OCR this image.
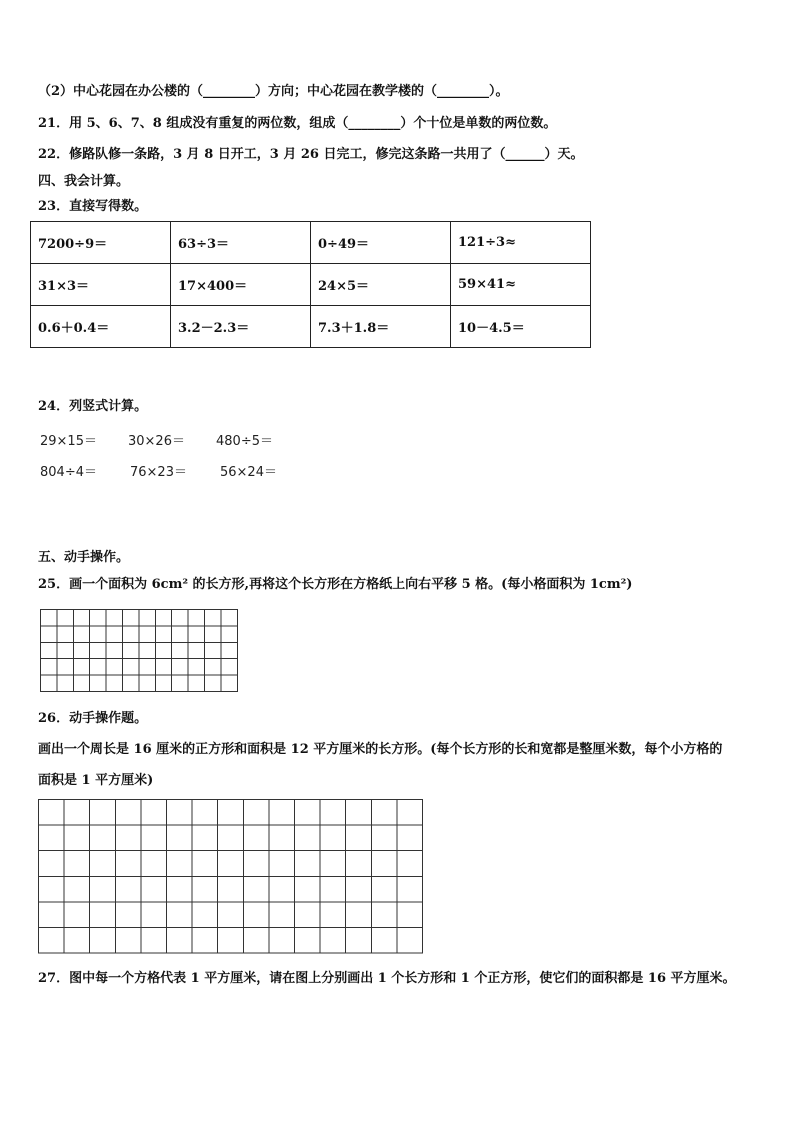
（2）中心花园在办公楼的（________）方向；中心花园在教学楼的（________）。
21．用 5、6、7、8 组成没有重复的两位数，组成（________）个十位是单数的两位数。
22．修路队修一条路，3 月 8 日开工，3 月 26 日完工，修完这条路一共用了（______）天。
四、我会计算。
23．直接写得数。
7200÷9＝	63÷3＝	0÷49＝	121÷3≈
31×3＝	17×400＝	24×5＝	59×41≈
0.6＋0.4＝	3.2－2.3＝	7.3＋1.8＝	10－4.5＝
24．列竖式计算。
29×15＝ 30×26＝ 480÷5＝
804÷4＝	76×23＝	56×24＝
五、动手操作。
25．画一个面积为 6cm² 的长方形,再将这个长方形在方格纸上向右平移 5 格。(每小格面积为 1cm²)
26．动手操作题。
画出一个周长是 16 厘米的正方形和面积是 12 平方厘米的长方形。(每个长方形的长和宽都是整厘米数，每个小方格的
面积是 1 平方厘米)
27．图中每一个方格代表 1 平方厘米，请在图上分别画出 1 个长方形和 1 个正方形，使它们的面积都是 16 平方厘米。
